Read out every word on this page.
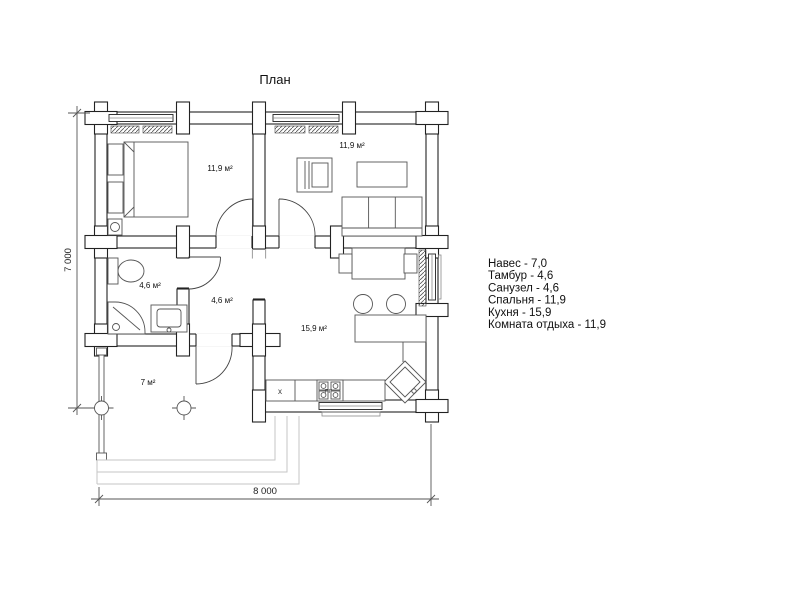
x	ПГ
7 000
8 000
План
11,9 м²
11,9 м²
4,6 м²
4,6 м²
15,9 м²
7 м²
Навес - 7,0
Тамбур - 4,6
Санузел - 4,6
Спальня - 11,9
Кухня - 15,9
Комната отдыха - 11,9
